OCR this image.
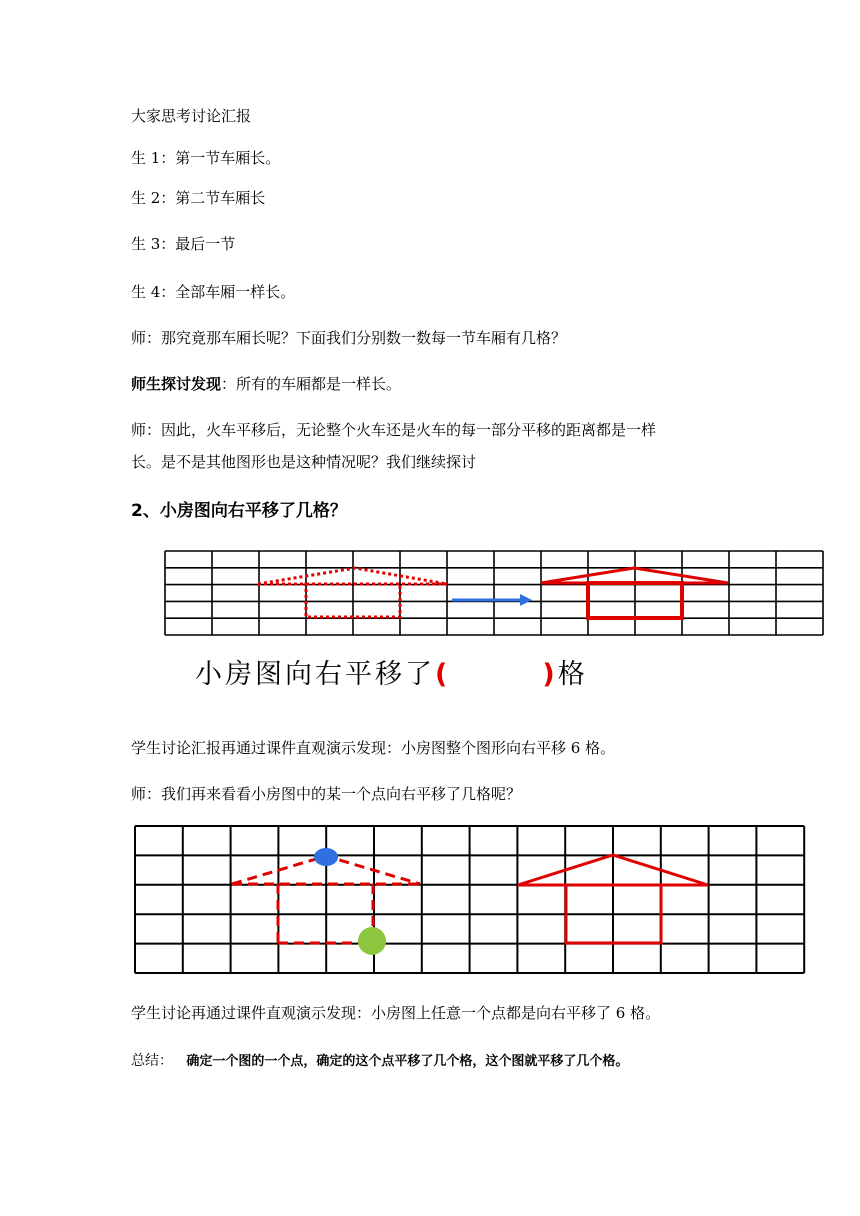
大家思考讨论汇报
生 1：第一节车厢长。
生 2：第二节车厢长
生 3：最后一节
生 4：全部车厢一样长。
师：那究竟那车厢长呢？下面我们分别数一数每一节车厢有几格？
师生探讨发现：所有的车厢都是一样长。
师：因此，火车平移后，无论整个火车还是火车的每一部分平移的距离都是一样
长。是不是其他图形也是这种情况呢？我们继续探讨
2、小房图向右平移了几格？
小房图向右平移了(	)格
学生讨论汇报再通过课件直观演示发现：小房图整个图形向右平移 6 格。
师：我们再来看看小房图中的某一个点向右平移了几格呢？
学生讨论再通过课件直观演示发现：小房图上任意一个点都是向右平移了 6 格。
总结： 确定一个图的一个点，确定的这个点平移了几个格，这个图就平移了几个格。
